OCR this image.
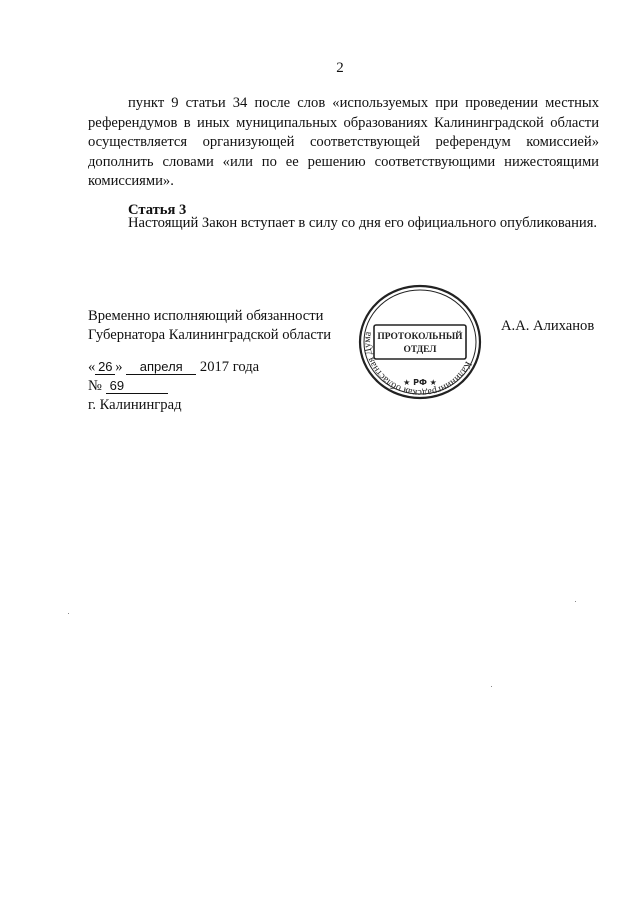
2
пункт 9 статьи 34 после слов «используемых при проведении местных референдумов в иных муниципальных образованиях Калининградской области осуществляется организующей соответствующей референдум комиссией» дополнить словами «или по ее решению соответствующими нижестоящими комиссиями».
Статья 3
Настоящий Закон вступает в силу со дня его официального опубликования.
Временно исполняющий обязанности
Губернатора Калининградской области
А.А. Алиханов
Калининградская областная Дума ПРОТОКОЛЬНЫЙ
ОТДЕЛ
★ РФ ★
« 26 » апреля 2017 года
№ 69
г. Калининград
